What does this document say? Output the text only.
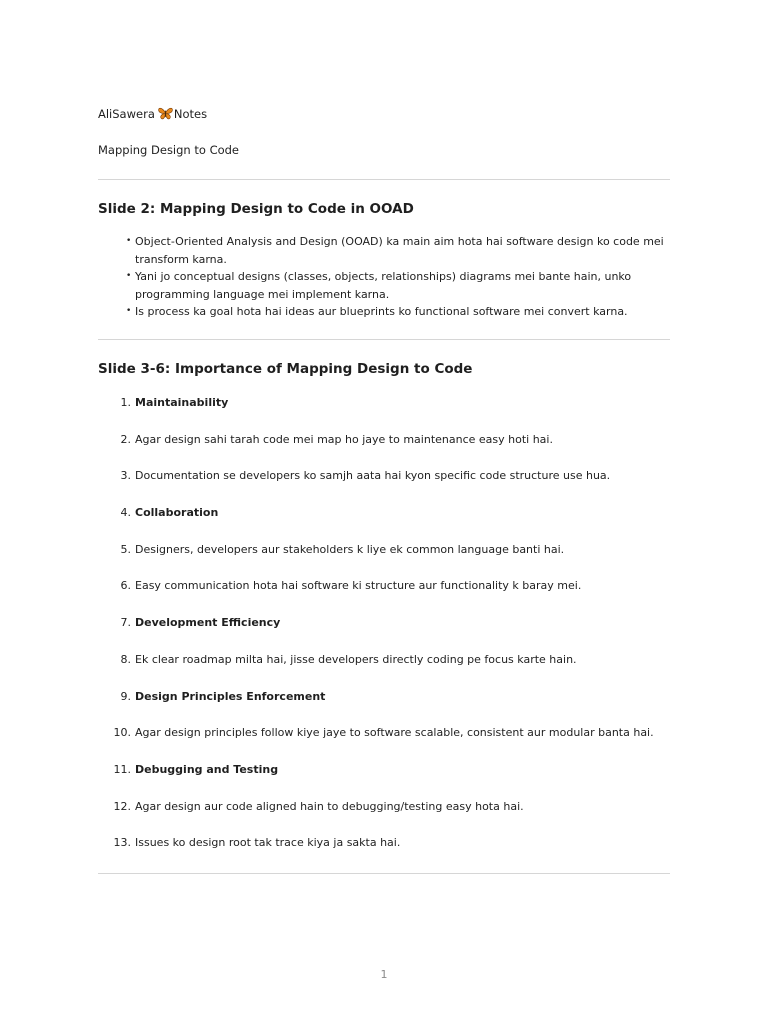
AliSawera Notes
Mapping Design to Code
Slide 2: Mapping Design to Code in OOAD
• Object-Oriented Analysis and Design (OOAD) ka main aim hota hai software design ko code mei transform karna.
• Yani jo conceptual designs (classes, objects, relationships) diagrams mei bante hain, unko programming language mei implement karna.
• Is process ka goal hota hai ideas aur blueprints ko functional software mei convert karna.
Slide 3-6: Importance of Mapping Design to Code
1. Maintainability
2. Agar design sahi tarah code mei map ho jaye to maintenance easy hoti hai.
3. Documentation se developers ko samjh aata hai kyon specific code structure use hua.
4. Collaboration
5. Designers, developers aur stakeholders k liye ek common language banti hai.
6. Easy communication hota hai software ki structure aur functionality k baray mei.
7. Development Efficiency
8. Ek clear roadmap milta hai, jisse developers directly coding pe focus karte hain.
9. Design Principles Enforcement
10. Agar design principles follow kiye jaye to software scalable, consistent aur modular banta hai.
11. Debugging and Testing
12. Agar design aur code aligned hain to debugging/testing easy hota hai.
13. Issues ko design root tak trace kiya ja sakta hai.
1
